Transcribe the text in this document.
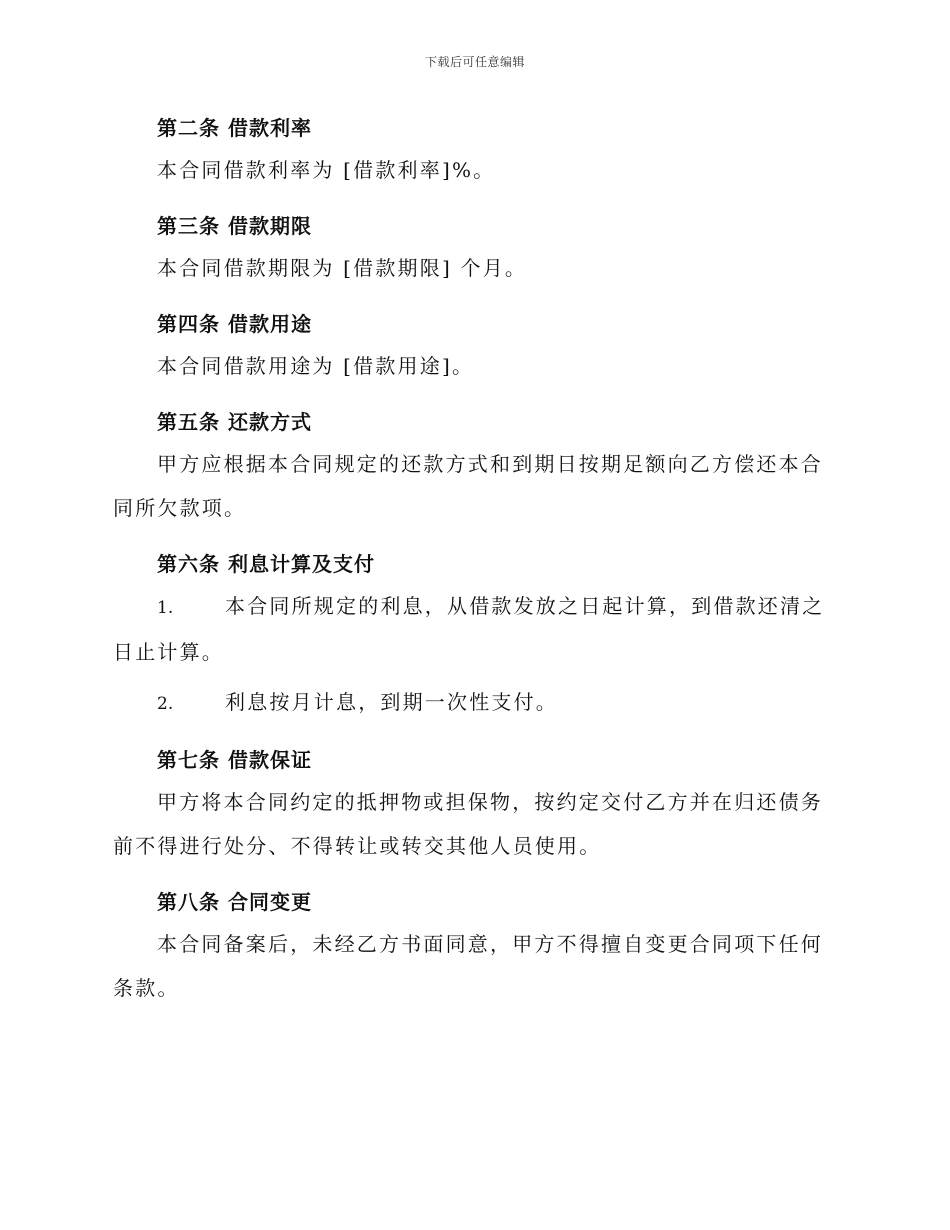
下载后可任意编辑

第二条 借款利率

本合同借款利率为 [借款利率]%。

第三条 借款期限

本合同借款期限为 [借款期限] 个月。

第四条 借款用途

本合同借款用途为 [借款用途]。

第五条 还款方式

甲方应根据本合同规定的还款方式和到期日按期足额向乙方偿还本合同所欠款项。

第六条 利息计算及支付

1.	本合同所规定的利息，从借款发放之日起计算，到借款还清之日止计算。

2.	利息按月计息，到期一次性支付。

第七条 借款保证

甲方将本合同约定的抵押物或担保物，按约定交付乙方并在归还债务前不得进行处分、不得转让或转交其他人员使用。

第八条 合同变更

本合同备案后，未经乙方书面同意，甲方不得擅自变更合同项下任何条款。
